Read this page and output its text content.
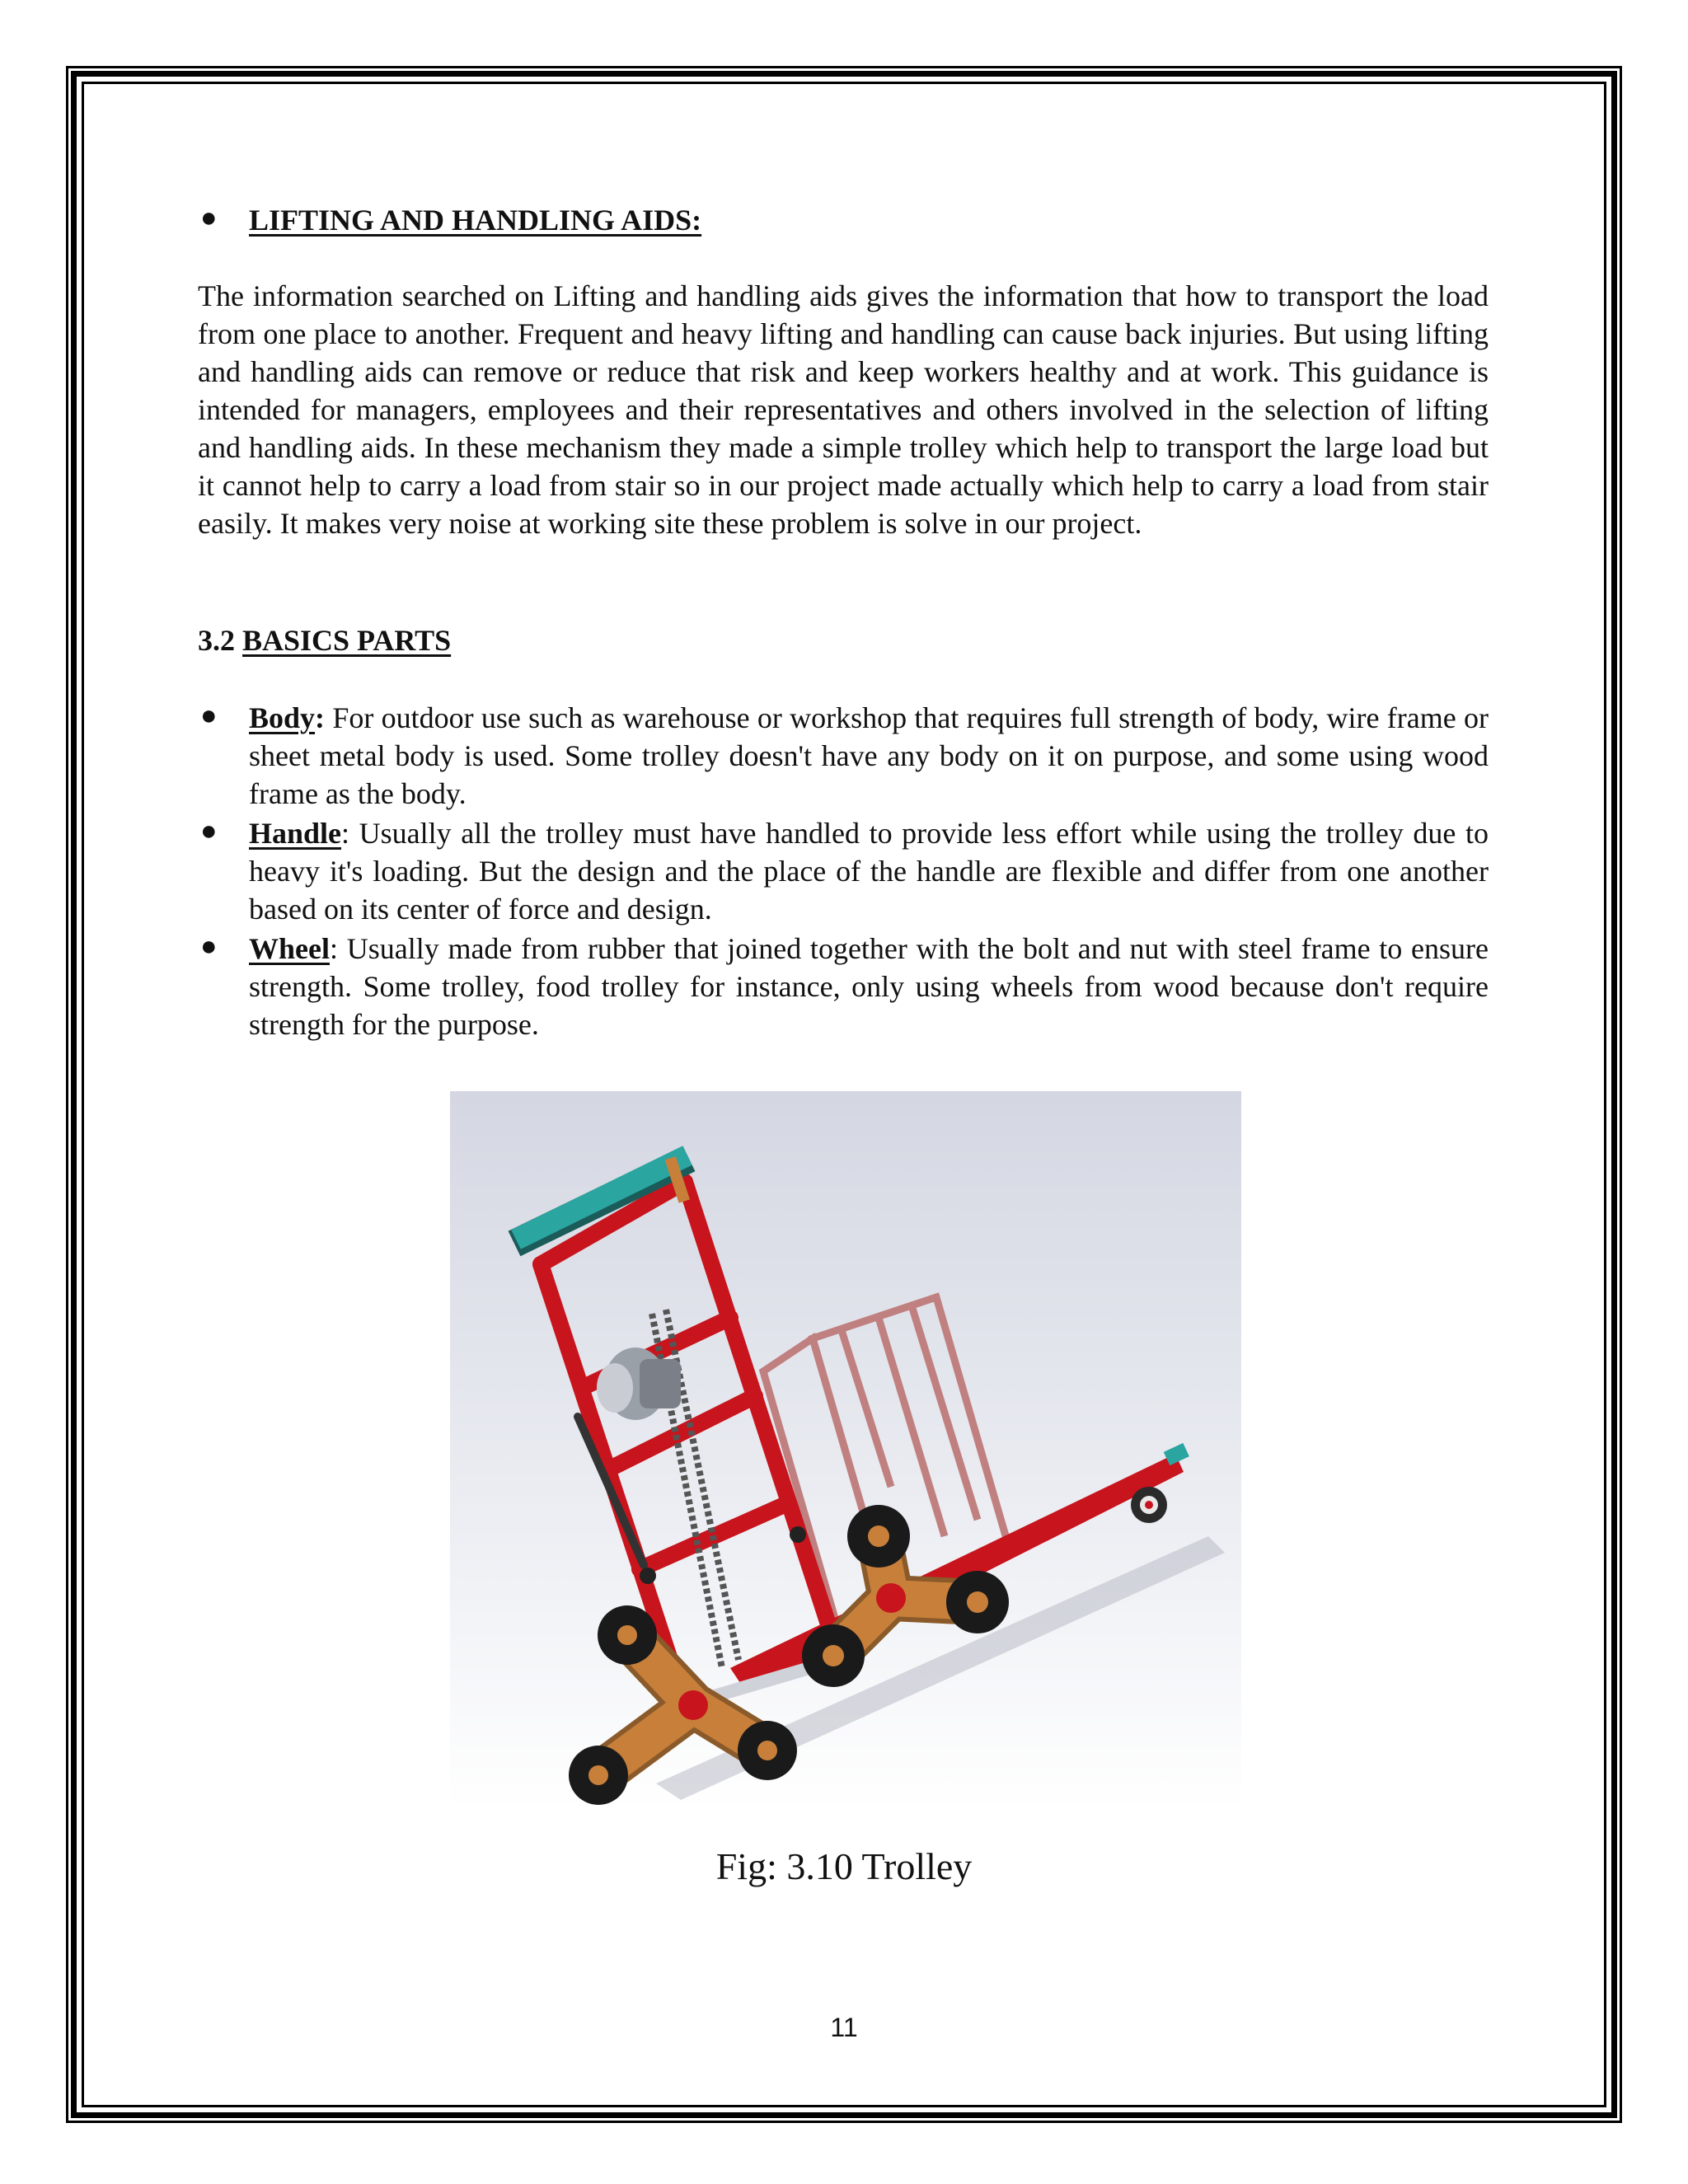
● LIFTING AND HANDLING AIDS:
The information searched on Lifting and handling aids gives the information that how to transport the load from one place to another. Frequent and heavy lifting and handling can cause back injuries. But using lifting and handling aids can remove or reduce that risk and keep workers healthy and at work. This guidance is intended for managers, employees and their representatives and others involved in the selection of lifting and handling aids. In these mechanism they made a simple trolley which help to transport the large load but it cannot help to carry a load from stair so in our project made actually which help to carry a load from stair easily. It makes very noise at working site these problem is solve in our project.
3.2 BASICS PARTS
● Body: For outdoor use such as warehouse or workshop that requires full strength of body, wire frame or sheet metal body is used. Some trolley doesn't have any body on it on purpose, and some using wood frame as the body.
● Handle: Usually all the trolley must have handled to provide less effort while using the trolley due to heavy it's loading. But the design and the place of the handle are flexible and differ from one another based on its center of force and design.
● Wheel: Usually made from rubber that joined together with the bolt and nut with steel frame to ensure strength. Some trolley, food trolley for instance, only using wheels from wood because don't require strength for the purpose.
Fig: 3.10 Trolley
11
